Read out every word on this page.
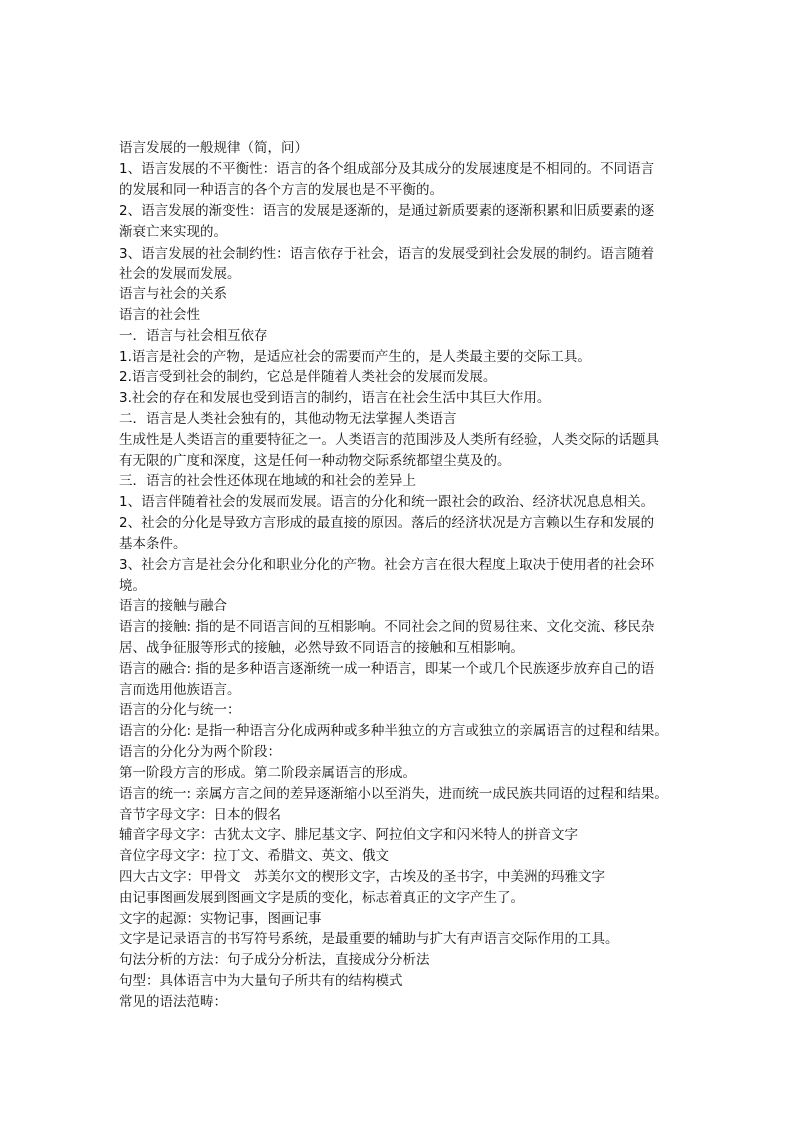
语言发展的一般规律（简，问）
1、语言发展的不平衡性：语言的各个组成部分及其成分的发展速度是不相同的。不同语言
的发展和同一种语言的各个方言的发展也是不平衡的。
2、语言发展的渐变性：语言的发展是逐渐的，是通过新质要素的逐渐积累和旧质要素的逐
渐衰亡来实现的。
3、语言发展的社会制约性：语言依存于社会，语言的发展受到社会发展的制约。语言随着
社会的发展而发展。
语言与社会的关系
语言的社会性
一．语言与社会相互依存
1.语言是社会的产物，是适应社会的需要而产生的，是人类最主要的交际工具。
2.语言受到社会的制约，它总是伴随着人类社会的发展而发展。
3.社会的存在和发展也受到语言的制约，语言在社会生活中其巨大作用。
二．语言是人类社会独有的，其他动物无法掌握人类语言
生成性是人类语言的重要特征之一。人类语言的范围涉及人类所有经验，人类交际的话题具
有无限的广度和深度，这是任何一种动物交际系统都望尘莫及的。
三．语言的社会性还体现在地域的和社会的差异上
1、语言伴随着社会的发展而发展。语言的分化和统一跟社会的政治、经济状况息息相关。
2、社会的分化是导致方言形成的最直接的原因。落后的经济状况是方言赖以生存和发展的
基本条件。
3、社会方言是社会分化和职业分化的产物。社会方言在很大程度上取决于使用者的社会环
境。
语言的接触与融合
语言的接触: 指的是不同语言间的互相影响。不同社会之间的贸易往来、文化交流、移民杂
居、战争征服等形式的接触，必然导致不同语言的接触和互相影响。
语言的融合: 指的是多种语言逐渐统一成一种语言，即某一个或几个民族逐步放弃自己的语
言而选用他族语言。
语言的分化与统一：
语言的分化: 是指一种语言分化成两种或多种半独立的方言或独立的亲属语言的过程和结果。
语言的分化分为两个阶段：
第一阶段方言的形成。第二阶段亲属语言的形成。
语言的统一: 亲属方言之间的差异逐渐缩小以至消失，进而统一成民族共同语的过程和结果。
音节字母文字：日本的假名
辅音字母文字：古犹太文字、腓尼基文字、阿拉伯文字和闪米特人的拼音文字
音位字母文字：拉丁文、希腊文、英文、俄文
四大古文字：甲骨文　苏美尔文的楔形文字，古埃及的圣书字，中美洲的玛雅文字
由记事图画发展到图画文字是质的变化，标志着真正的文字产生了。
文字的起源：实物记事，图画记事
文字是记录语言的书写符号系统，是最重要的辅助与扩大有声语言交际作用的工具。
句法分析的方法：句子成分分析法，直接成分分析法
句型：具体语言中为大量句子所共有的结构模式
常见的语法范畴：
